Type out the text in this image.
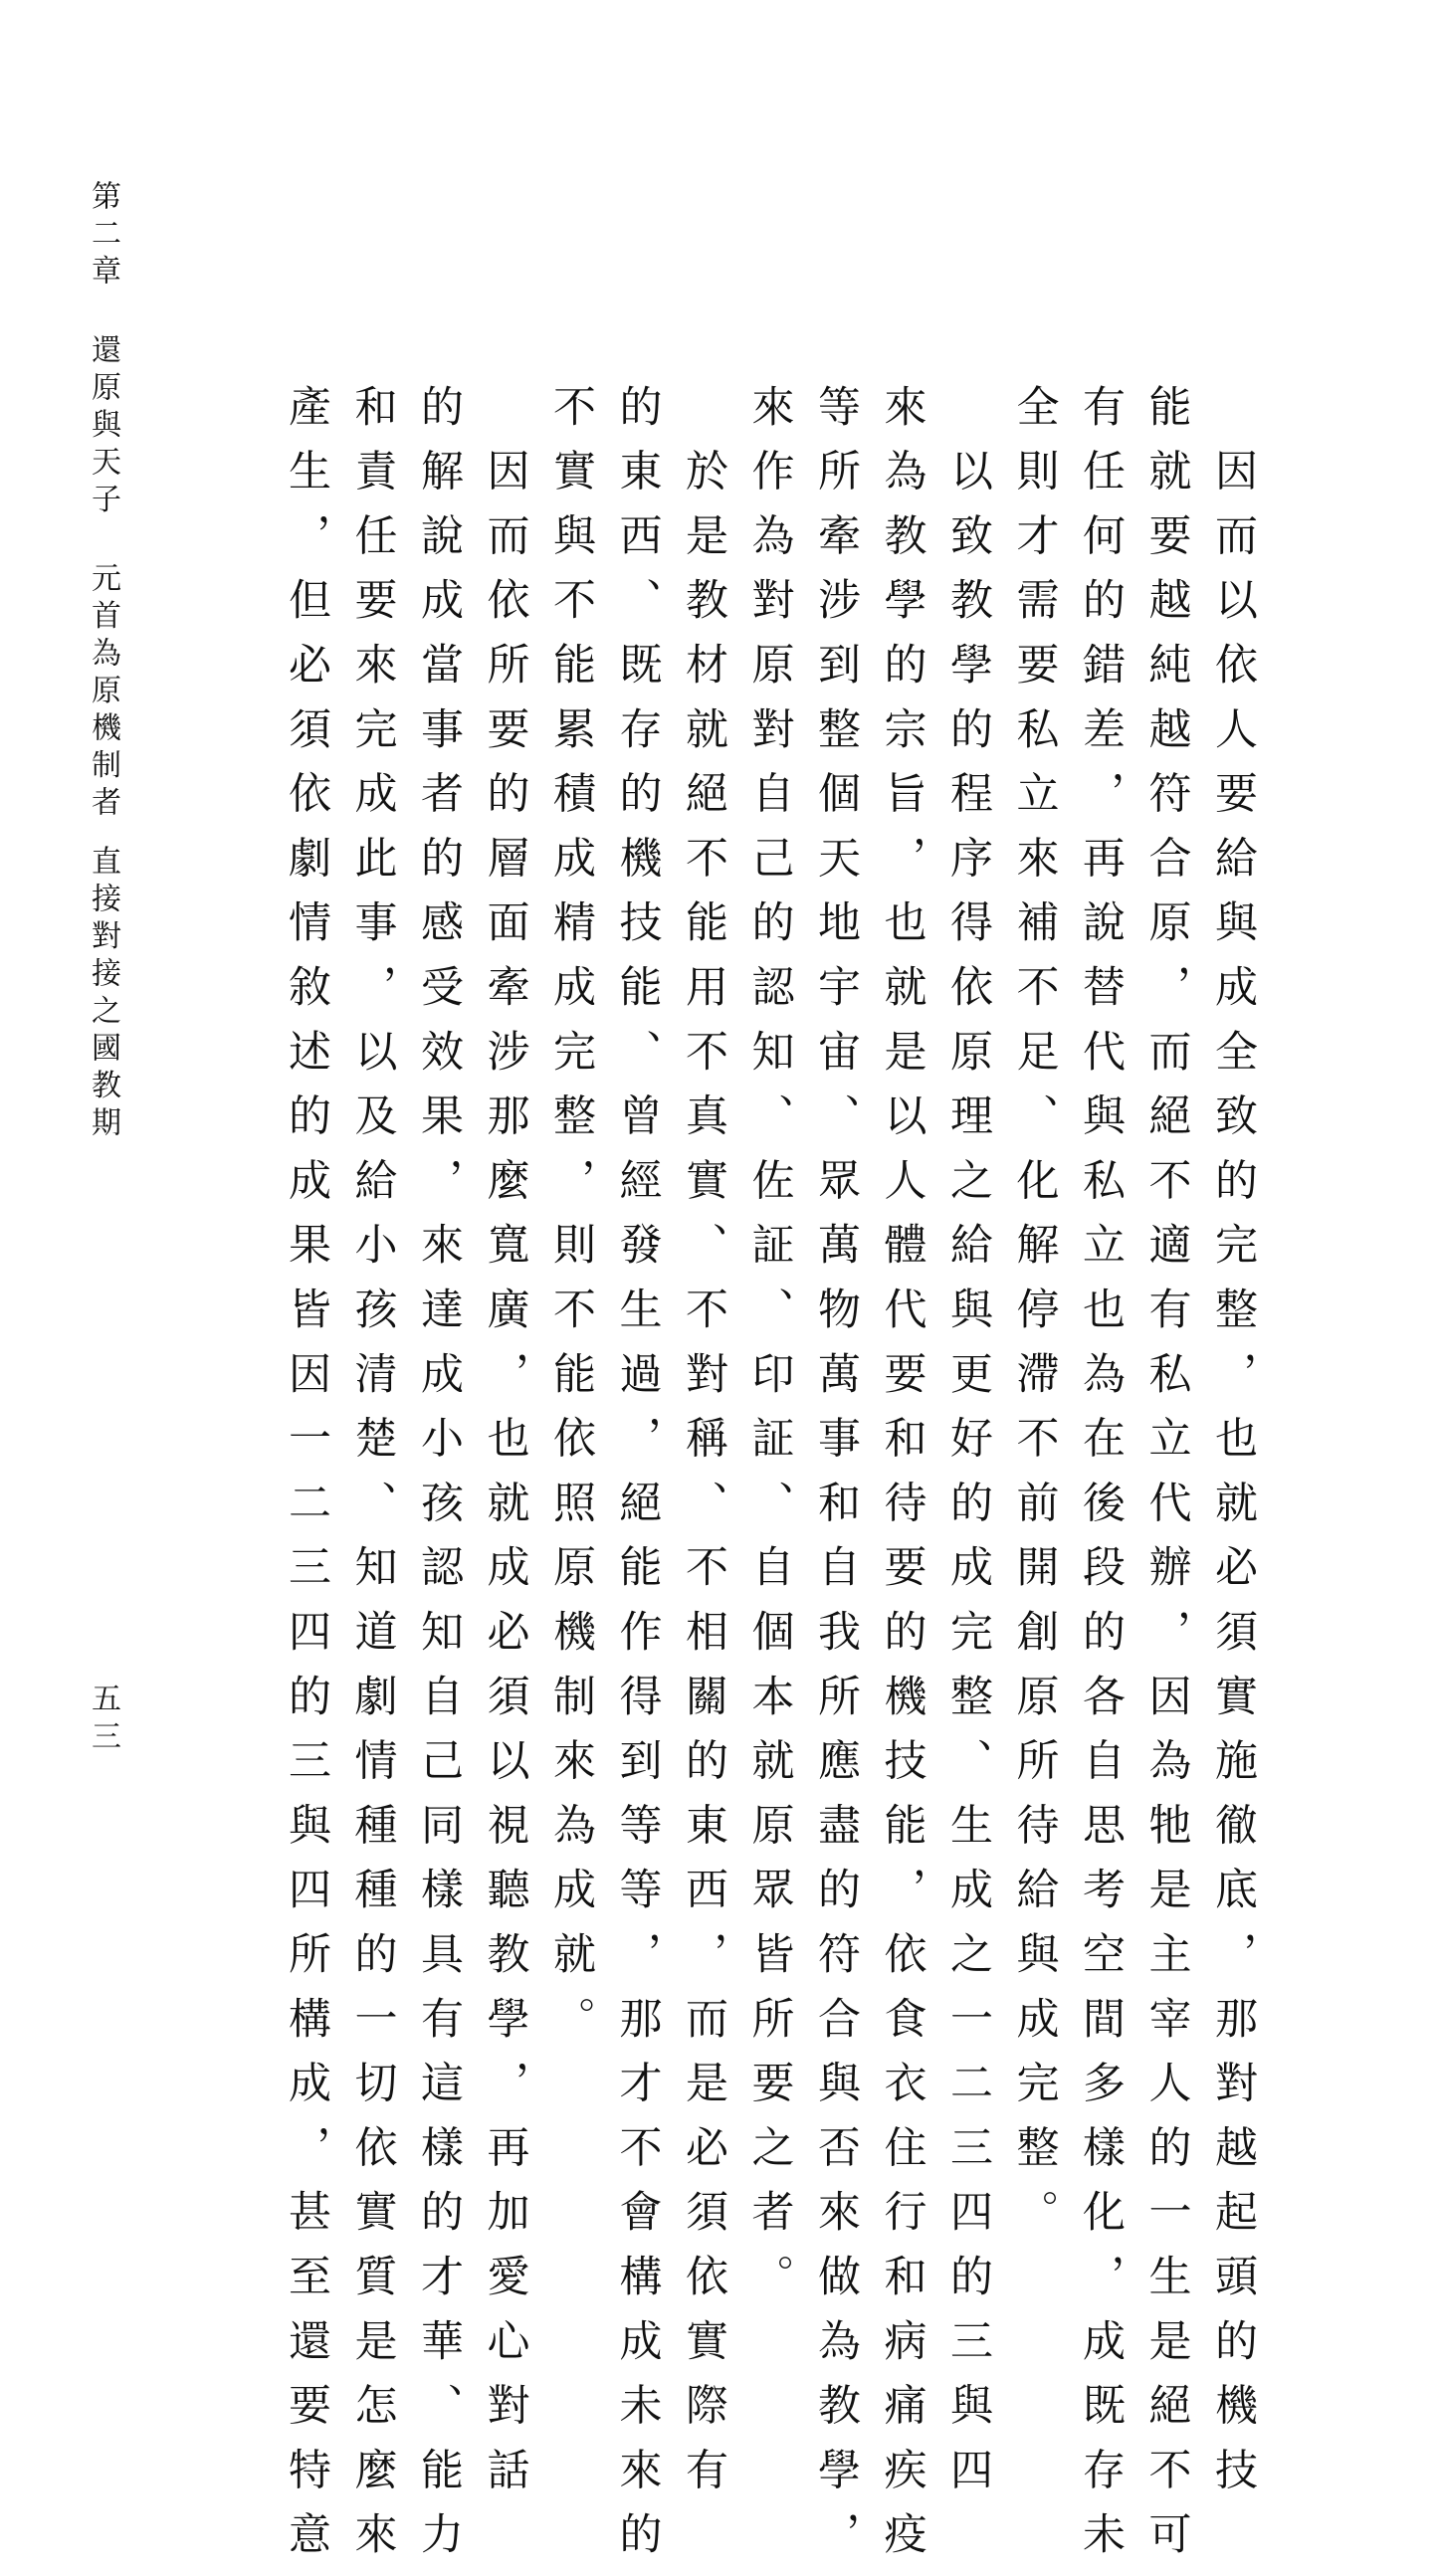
　因而以依人要給與成全致的完整，也就必須實施徹底，那對越起頭的機技
能就要越純越符合原，而絕不適有私立代辦，因為牠是主宰人的一生是絕不可
有任何的錯差，再說替代與私立也為在後段的各自思考空間多樣化，成既存未
全則才需要私立來補不足、化解停滯不前開創原所待給與成完整。
　以致教學的程序得依原理之給與更好的成完整、生成之一二三四的三與四
來為教學的宗旨，也就是以人體代要和待要的機技能，依食衣住行和病痛疾疫
等所牽涉到整個天地宇宙、眾萬物萬事和自我所應盡的符合與否來做為教學，
來作為對原對自己的認知、佐証、印証、自個本就原眾皆所要之者。
　於是教材就絕不能用不真實、不對稱、不相關的東西，而是必須依實際有
的東西、既存的機技能、曾經發生過，絕能作得到等等，那才不會構成未來的
不實與不能累積成精成完整，則不能依照原機制來為成就。
　因而依所要的層面牽涉那麼寬廣，也就成必須以視聽教學，再加愛心對話
的解說成當事者的感受效果，來達成小孩認知自己同樣具有這樣的才華、能力
和責任要來完成此事，以及給小孩清楚、知道劇情種種的一切依實質是怎麼來
產生，但必須依劇情敘述的成果皆因一二三四的三與四所構成，甚至還要特意
第二章還原與天子元首為原機制者直接對接之國教期
五三
